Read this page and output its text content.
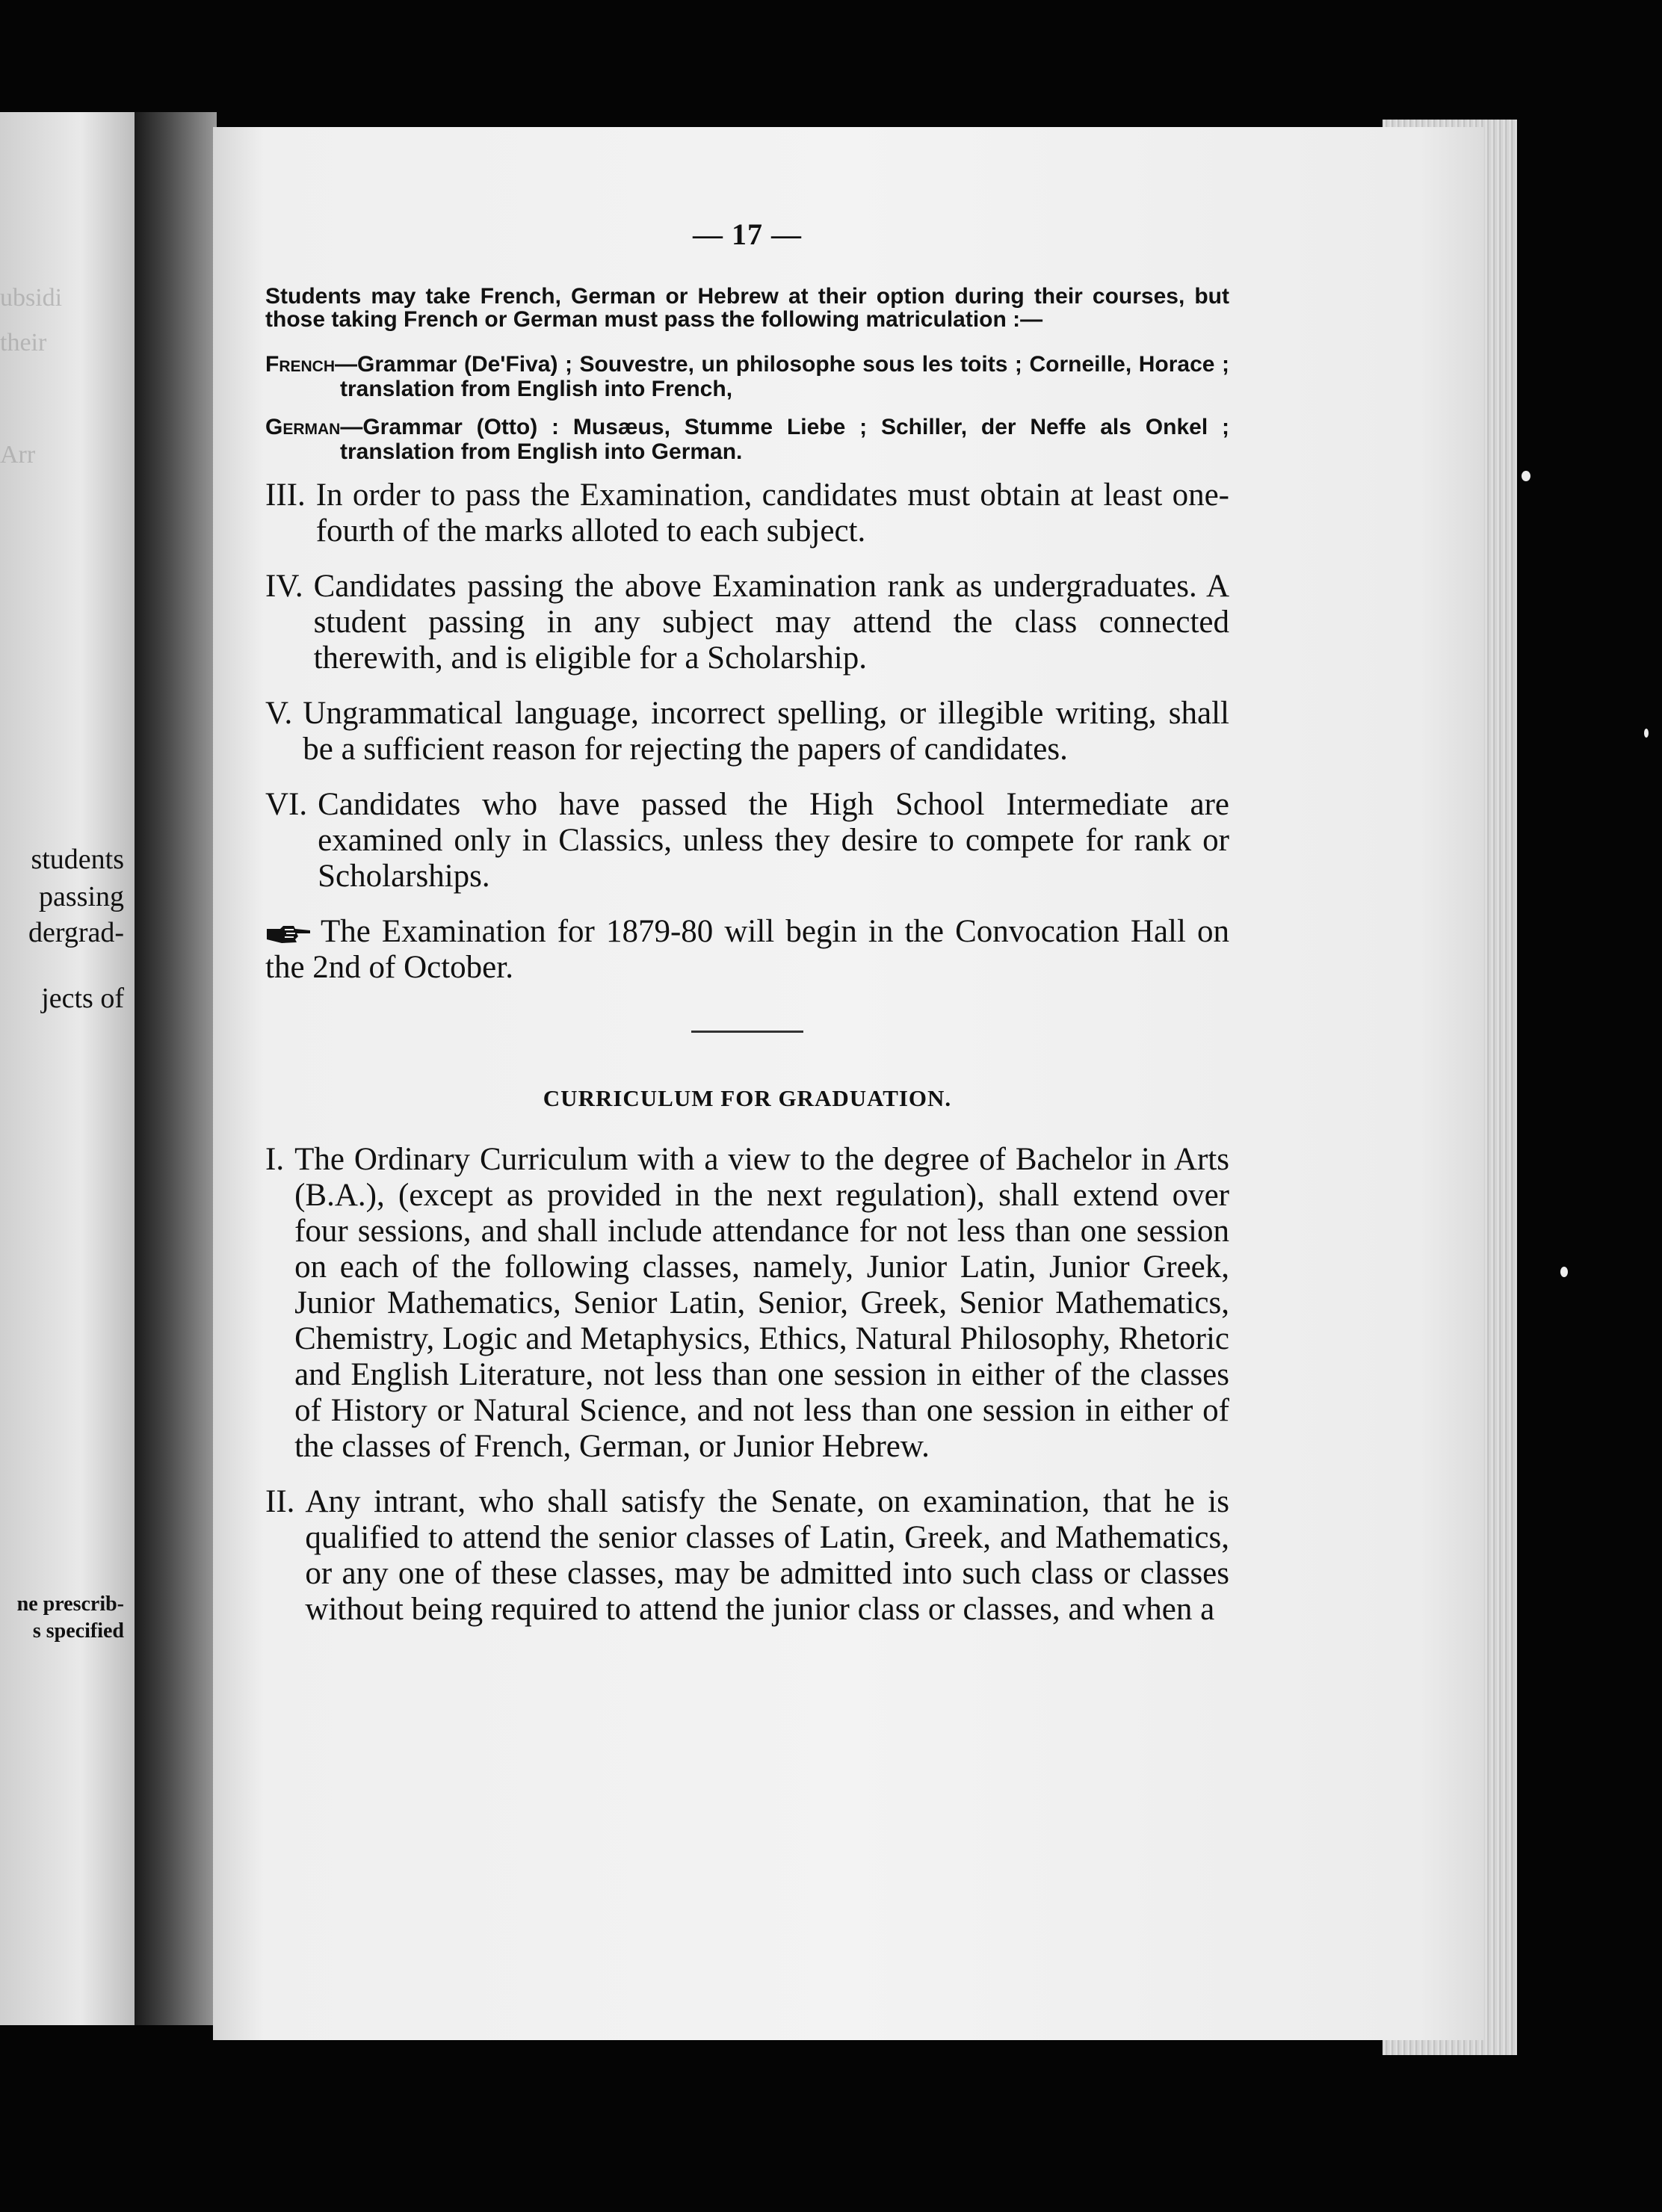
ubsidi
their
Arr
students
passing
dergrad-
jects of
ne prescrib-
s specified
— 17 —

Students may take French, German or Hebrew at their option during their courses, but those taking French or German must pass the following matriculation :—

French—Grammar (De'Fiva) ; Souvestre, un philosophe sous les toits ; Corneille, Horace ; translation from English into French,

German—Grammar (Otto) : Musæus, Stumme Liebe ; Schiller, der Neffe als Onkel ; translation from English into German.

III. In order to pass the Examination, candidates must obtain at least one-fourth of the marks alloted to each subject.
IV. Candidates passing the above Examination rank as undergraduates. A student passing in any subject may attend the class connected therewith, and is eligible for a Scholarship.
V. Ungrammatical language, incorrect spelling, or illegible writing, shall be a sufficient reason for rejecting the papers of candidates.
VI. Candidates who have passed the High School Intermediate are examined only in Classics, unless they desire to compete for rank or Scholarships.

The Examination for 1879-80 will begin in the Convocation Hall on the 2nd of October.

CURRICULUM FOR GRADUATION.
I. The Ordinary Curriculum with a view to the degree of Bachelor in Arts (B.A.), (except as provided in the next regulation), shall extend over four sessions, and shall include attendance for not less than one session on each of the following classes, namely, Junior Latin, Junior Greek, Junior Mathematics, Senior Latin, Senior, Greek, Senior Mathematics, Chemistry, Logic and Metaphysics, Ethics, Natural Philosophy, Rhetoric and English Literature, not less than one session in either of the classes of History or Natural Science, and not less than one session in either of the classes of French, German, or Junior Hebrew.
II. Any intrant, who shall satisfy the Senate, on examination, that he is qualified to attend the senior classes of Latin, Greek, and Mathematics, or any one of these classes, may be admitted into such class or classes without being required to attend the junior class or classes, and when a
